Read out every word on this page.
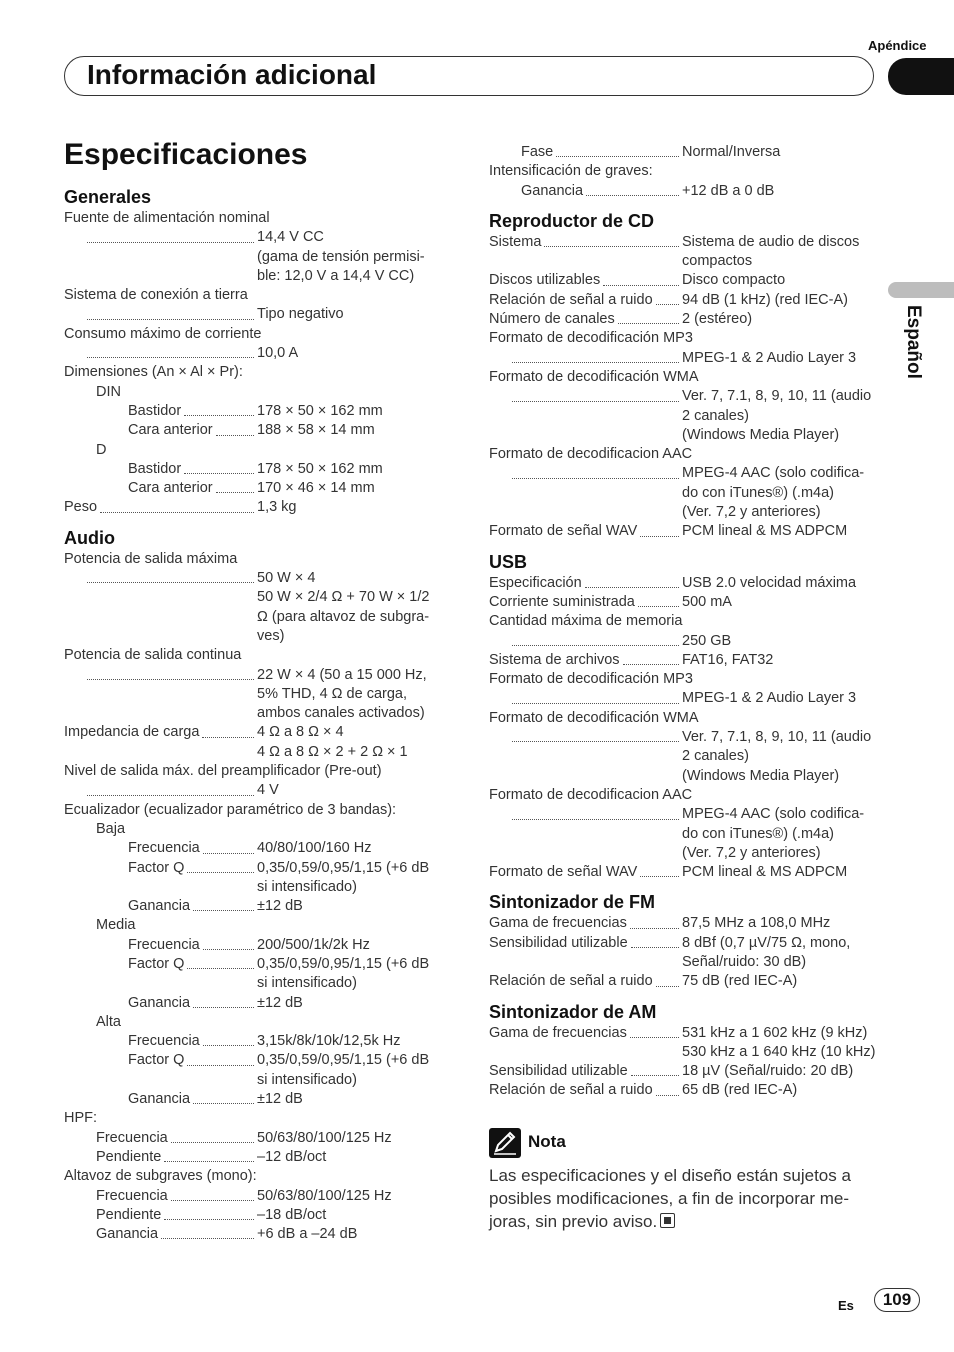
Apéndice
Información adicional
Español
Especificaciones
Generales
Fuente de alimentación nominal
14,4 V CC
(gama de tensión permisi-
ble: 12,0 V a 14,4 V CC)
Sistema de conexión a tierra
Tipo negativo
Consumo máximo de corriente
10,0 A
Dimensiones (An × Al × Pr):
DIN
Bastidor	178 × 50 × 162 mm
Cara anterior	188 × 58 × 14 mm
D
Bastidor	178 × 50 × 162 mm
Cara anterior	170 × 46 × 14 mm
Peso	1,3 kg
Audio
Potencia de salida máxima
50 W × 4
50 W × 2/4 Ω + 70 W × 1/2
Ω (para altavoz de subgra-
ves)
Potencia de salida continua
22 W × 4 (50 a 15 000 Hz,
5% THD, 4 Ω de carga,
ambos canales activados)
Impedancia de carga	4 Ω a 8 Ω × 4
4 Ω a 8 Ω × 2 + 2 Ω × 1
Nivel de salida máx. del preamplificador (Pre-out)
4 V
Ecualizador (ecualizador paramétrico de 3 bandas):
Baja
Frecuencia	40/80/100/160 Hz
Factor Q	0,35/0,59/0,95/1,15 (+6 dB
si intensificado)
Ganancia	±12 dB
Media
Frecuencia	200/500/1k/2k Hz
Factor Q	0,35/0,59/0,95/1,15 (+6 dB
si intensificado)
Ganancia	±12 dB
Alta
Frecuencia	3,15k/8k/10k/12,5k Hz
Factor Q	0,35/0,59/0,95/1,15 (+6 dB
si intensificado)
Ganancia	±12 dB
HPF:
Frecuencia	50/63/80/100/125 Hz
Pendiente	–12 dB/oct
Altavoz de subgraves (mono):
Frecuencia	50/63/80/100/125 Hz
Pendiente	–18 dB/oct
Ganancia	+6 dB a –24 dB
Fase	Normal/Inversa
Intensificación de graves:
Ganancia	+12 dB a 0 dB
Reproductor de CD
Sistema	Sistema de audio de discos
compactos
Discos utilizables	Disco compacto
Relación de señal a ruido 94 dB (1 kHz) (red IEC-A)
Número de canales	2 (estéreo)
Formato de decodificación MP3
MPEG-1 & 2 Audio Layer 3
Formato de decodificación WMA
Ver. 7, 7.1, 8, 9, 10, 11 (audio
2 canales)
(Windows Media Player)
Formato de decodificacion AAC
MPEG-4 AAC (solo codifica-
do con iTunes®) (.m4a)
(Ver. 7,2 y anteriores)
Formato de señal WAV	PCM lineal & MS ADPCM
USB
Especificación	USB 2.0 velocidad máxima
Corriente suministrada	500 mA
Cantidad máxima de memoria
250 GB
Sistema de archivos	FAT16, FAT32
Formato de decodificación MP3
MPEG-1 & 2 Audio Layer 3
Formato de decodificación WMA
Ver. 7, 7.1, 8, 9, 10, 11 (audio
2 canales)
(Windows Media Player)
Formato de decodificacion AAC
MPEG-4 AAC (solo codifica-
do con iTunes®) (.m4a)
(Ver. 7,2 y anteriores)
Formato de señal WAV	PCM lineal & MS ADPCM
Sintonizador de FM
Gama de frecuencias	87,5 MHz a 108,0 MHz
Sensibilidad utilizable	8 dBf (0,7 µV/75 Ω, mono,
Señal/ruido: 30 dB)
Relación de señal a ruido 75 dB (red IEC-A)
Sintonizador de AM
Gama de frecuencias	531 kHz a 1 602 kHz (9 kHz)
530 kHz a 1 640 kHz (10 kHz)
Sensibilidad utilizable	18 µV (Señal/ruido: 20 dB)
Relación de señal a ruido 65 dB (red IEC-A)
Nota
Las especificaciones y el diseño están sujetos a posibles modificaciones, a fin de incorporar me-joras, sin previo aviso.
Es	109
